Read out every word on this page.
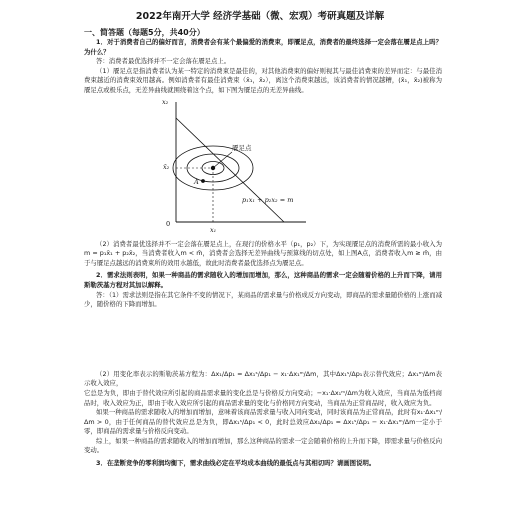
2022年南开大学 经济学基础（微、宏观）考研真题及详解
一、简答题（每题5分，共40分）
1．对于消费者自己的偏好而言，消费者会有某个最偏爱的消费束，即餍足点，消费者的最终选择一定会落在餍足点上吗？为什么？
答：消费者最优选择并不一定会落在餍足点上。
（1）餍足点是指消费者认为某一特定的消费束是最佳的，对其他消费束的偏好则视其与最佳消费束的差异而定：与最佳消费束越近的消费束效用越高。例如消费者有最佳消费束（x̄₁，x̄₂），离这个消费束越远，该消费者的情况越糟，(x̄₁，x̄₂)被称为餍足点或极乐点，无差异曲线就围绕着这个点，如下图为餍足点的无差异曲线。
x₂
x₁
x̄₂
0
餍足点
A
p₁x₁ + p₂x₂ = m
（2）消费者最优选择并不一定会落在餍足点上，在现行的价格水平（p₁，p₂）下，为实现餍足点的消费所需的最小收入为m = p₁x̄₁ + p₂x̄₂，当消费者收入m < m̄，消费者会选择无差异曲线与预算线的切点处，如上图A点，消费者收入m ≥ m̄，由于与餍足点越远的消费束所的效用水越低，故此时消费者最优选择点为餍足点。
2．需求法则表明，如果一种商品的需求随收入的增加而增加，那么，这种商品的需求一定会随着价格的上升而下降，请用斯勒茨基方程对其加以解释。
答：（1）需求法则是指在其它条件不变的情况下，某商品的需求量与价格成反方向变动，即商品的需求量随价格的上涨而减少，随价格的下降而增加。
（2）用变化率表示的斯勒茨基方程为：Δx₁/Δp₁ = Δx₁ˢ/Δp₁ − x₁·Δx₁ᵐ/Δm，其中Δx₁ˢ/Δp₁表示替代效应；Δx₁ᵐ/Δm表示收入效应，
它总是为负，即由于替代效应所引起的商品需求量的变化总是与价格反方向变动；−x₁·Δx₁ᵐ/Δm为收入效应，当商品为低档商品时，收入效应为正，即由于收入效应所引起的商品需求量的变化与价格同方向变动，当商品为正常商品时，收入效应为负。
如果一种商品的需求随收入的增加而增加，意味着该商品需求量与收入同向变动，同时该商品为正常商品，此时有x₁·Δx₁ᵐ/Δm > 0，由于任何商品的替代效应总是为负，即Δx₁ˢ/Δp₁ < 0，此时总效应Δx₁/Δp₁ = Δx₁ˢ/Δp₁ − x₁·Δx₁ᵐ/Δm一定小于零，即商品的需求量与价格反向变动。
综上，如果一种商品的需求随收入的增加而增加，那么这种商品的需求一定会随着价格的上升而下降，即需求量与价格反向变动。
3．在垄断竞争的零利润均衡下，需求曲线必定在平均成本曲线的最低点与其相切吗？请画图说明。
